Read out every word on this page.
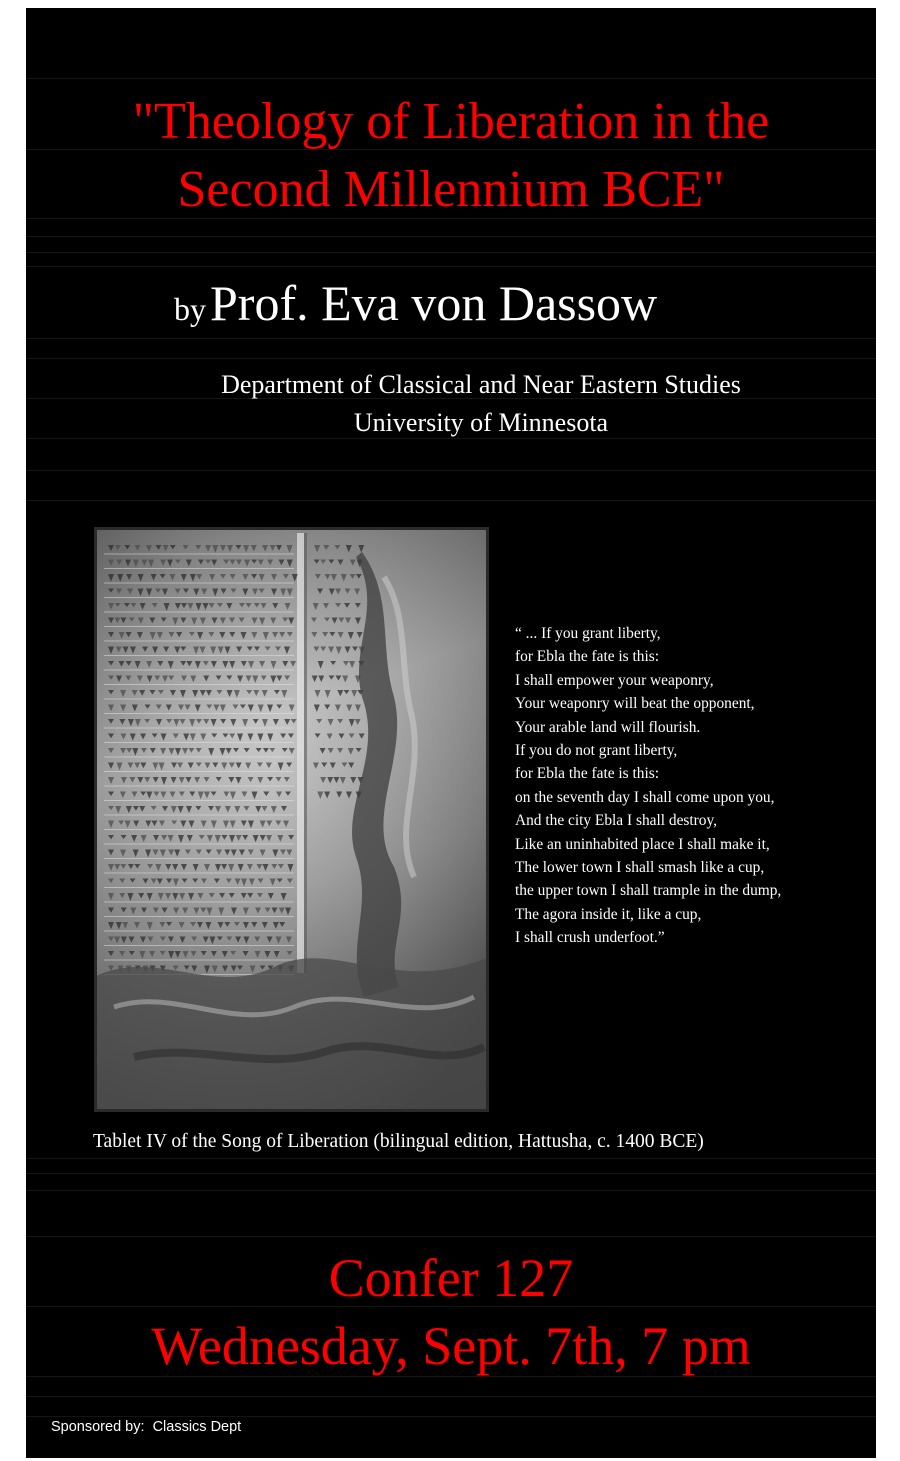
"Theology of Liberation in the
Second Millennium BCE"
by Prof. Eva von Dassow
Department of Classical and Near Eastern Studies
University of Minnesota
“ ... If you grant liberty,
for Ebla the fate is this:
I shall empower your weaponry,
Your weaponry will beat the opponent,
Your arable land will flourish.
If you do not grant liberty,
for Ebla the fate is this:
on the seventh day I shall come upon you,
And the city Ebla I shall destroy,
Like an uninhabited place I shall make it,
The lower town I shall smash like a cup,
the upper town I shall trample in the dump,
The agora inside it, like a cup,
I shall crush underfoot.”
Tablet IV of the Song of Liberation (bilingual edition, Hattusha, c. 1400 BCE)
Confer 127
Wednesday, Sept. 7th, 7 pm
Sponsored by:  Classics Dept
